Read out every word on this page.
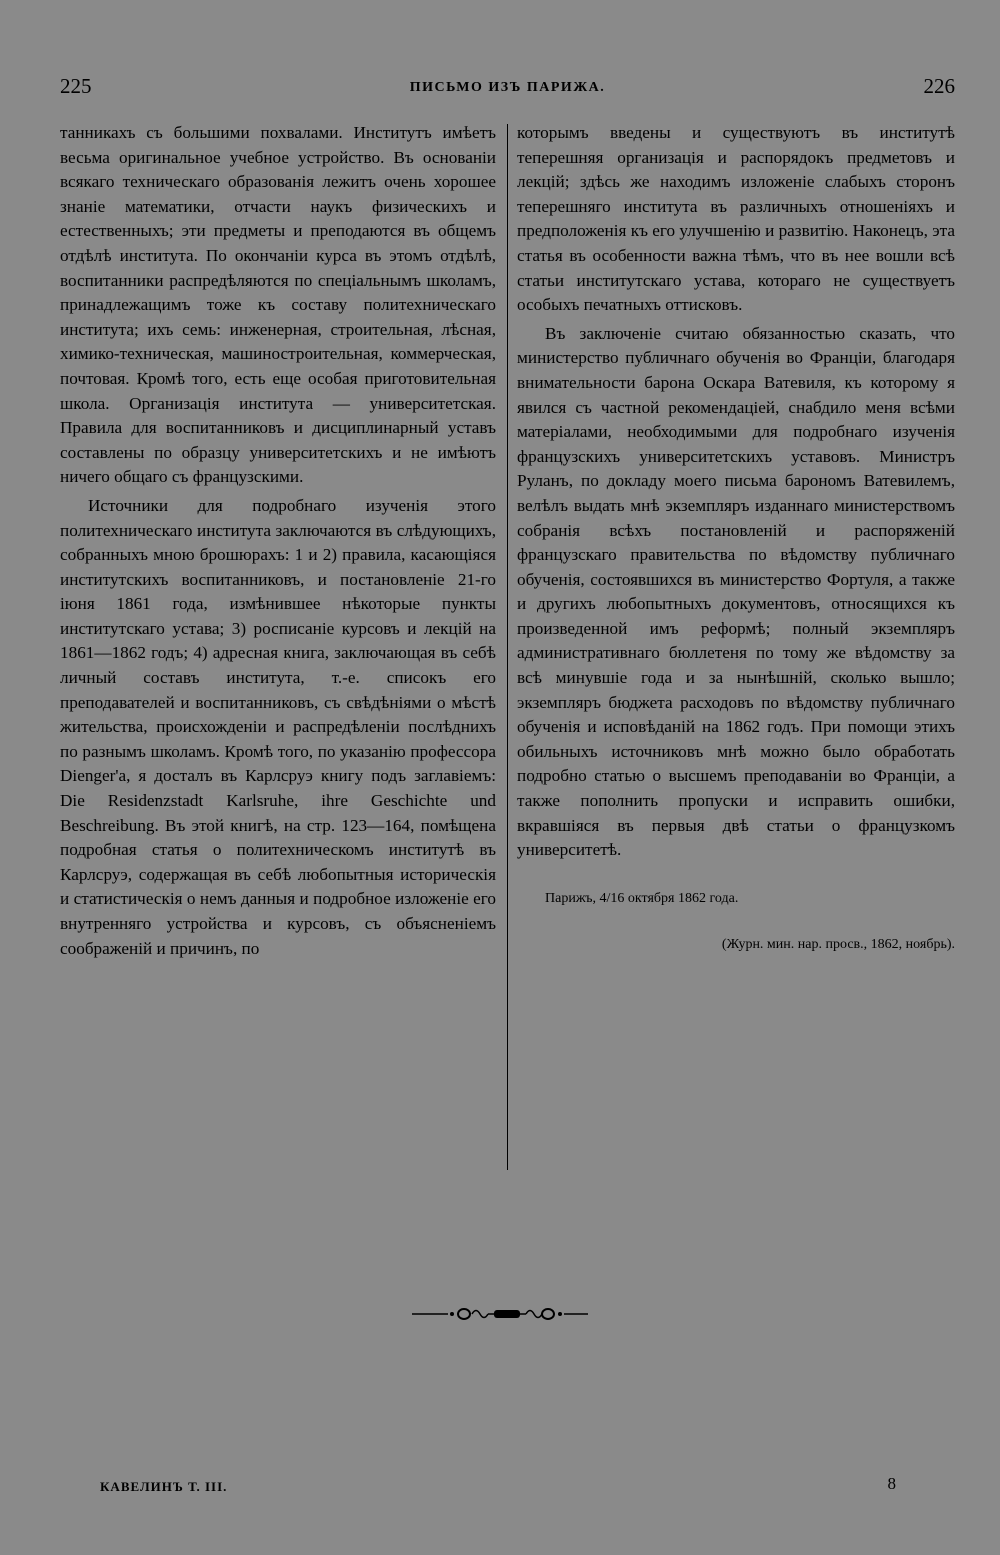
225	ПИСЬМО ИЗЪ ПАРИЖА.	226

танникахъ съ большими похвалами. Институтъ имѣетъ весьма оригинальное учебное устройство. Въ основаніи всякаго техническаго образованія лежитъ очень хорошее знаніе математики, отчасти наукъ физическихъ и естественныхъ; эти предметы и преподаются въ общемъ отдѣлѣ института. По окончаніи курса въ этомъ отдѣлѣ, воспитанники распредѣляются по спеціальнымъ школамъ, принадлежащимъ тоже къ составу политехническаго института; ихъ семь: инженерная, строительная, лѣсная, химико-техническая, машиностроительная, коммерческая, почтовая. Кромѣ того, есть еще особая приготовительная школа. Организація института — университетская. Правила для воспитанниковъ и дисциплинарный уставъ составлены по образцу университетскихъ и не имѣютъ ничего общаго съ французскими.

Источники для подробнаго изученія этого политехническаго института заключаются въ слѣдующихъ, собранныхъ мною брошюрахъ: 1 и 2) правила, касающіяся институтскихъ воспитанниковъ, и постановленіе 21-го іюня 1861 года, измѣнившее нѣкоторые пункты институтскаго устава; 3) росписаніе курсовъ и лекцій на 1861—1862 годъ; 4) адресная книга, заключающая въ себѣ личный составъ института, т.-е. списокъ его преподавателей и воспитанниковъ, съ свѣдѣніями о мѣстѣ жительства, происхожденіи и распредѣленіи послѣднихъ по разнымъ школамъ. Кромѣ того, по указанію профессора Dienger'а, я досталъ въ Карлсруэ книгу подъ заглавіемъ: Die Residenzstadt Karlsruhe, ihre Geschichte und Beschreibung. Въ этой книгѣ, на стр. 123—164, помѣщена подробная статья о политехническомъ институтѣ въ Карлсруэ, содержащая въ себѣ любопытныя историческія и статистическія о немъ данныя и подробное изложеніе его внутренняго устройства и курсовъ, съ объясненіемъ соображеній и причинъ, по

которымъ введены и существуютъ въ институтѣ теперешняя организація и распорядокъ предметовъ и лекцій; здѣсь же находимъ изложеніе слабыхъ сторонъ теперешняго института въ различныхъ отношеніяхъ и предположенія къ его улучшенію и развитію. Наконецъ, эта статья въ особенности важна тѣмъ, что въ нее вошли всѣ статьи институтскаго устава, котораго не существуетъ особыхъ печатныхъ оттисковъ.

Въ заключеніе считаю обязанностью сказать, что министерство публичнаго обученія во Франціи, благодаря внимательности барона Оскара Ватевиля, къ которому я явился съ частной рекомендаціей, снабдило меня всѣми матеріалами, необходимыми для подробнаго изученія французскихъ университетскихъ уставовъ. Министръ Руланъ, по докладу моего письма барономъ Ватевилемъ, велѣлъ выдать мнѣ экземпляръ изданнаго министерствомъ собранія всѣхъ постановленій и распоряженій французскаго правительства по вѣдомству публичнаго обученія, состоявшихся въ министерство Фортуля, а также и другихъ любопытныхъ документовъ, относящихся къ произведенной имъ реформѣ; полный экземпляръ административнаго бюллетеня по тому же вѣдомству за всѣ минувшіе года и за нынѣшній, сколько вышло; экземпляръ бюджета расходовъ по вѣдомству публичнаго обученія и исповѣданій на 1862 годъ. При помощи этихъ обильныхъ источниковъ мнѣ можно было обработать подробно статью о высшемъ преподаваніи во Франціи, а также пополнить пропуски и исправить ошибки, вкравшіяся въ первыя двѣ статьи о французкомъ университетѣ.

Парижъ, 4/16 октября 1862 года.

(Журн. мин. нар. просв., 1862, ноябрь).

КАВЕЛИНЪ Т. III.	8
